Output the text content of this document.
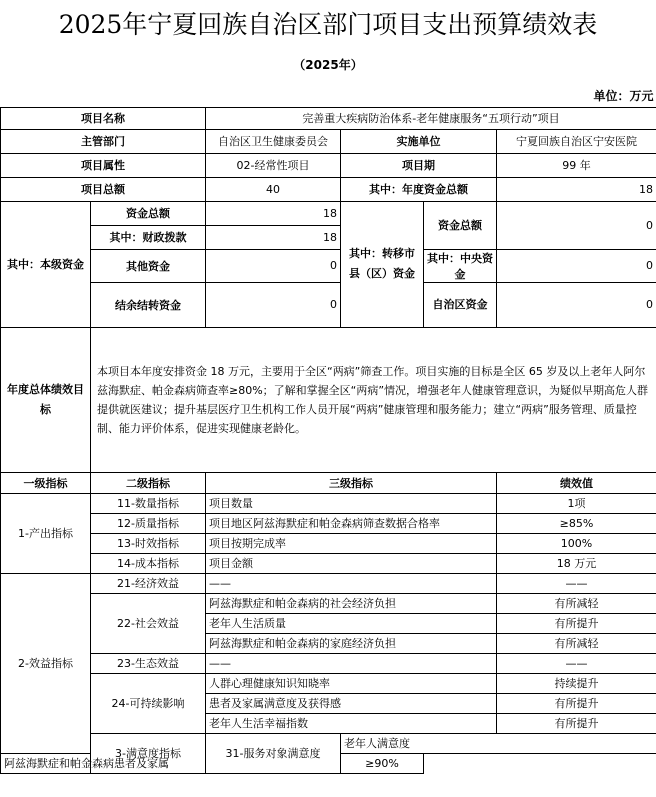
2025年宁夏回族自治区部门项目支出预算绩效表
（2025年）
单位：万元						
项目名称		完善重大疾病防治体系-老年健康服务“五项行动”项目				
主管部门		自治区卫生健康委员会	实施单位		宁夏回族自治区宁安医院	
项目属性		02-经常性项目	项目期		99 年	
项目总额		40	其中：年度资金总额		18	
其中：本级资金	资金总额	18	其中：转移市县（区）资金	资金总额	0	
	其中：财政拨款	18				
	其他资金	0		其中：中央资金	0	
	结余结转资金	0		自治区资金	0	
年度总体绩效目标	本项目本年度安排资金 18 万元，主要用于全区“两病”筛查工作。项目实施的目标是全区 65 岁及以上老年人阿尔兹海默症、帕金森病筛查率≥80%；了解和掌握全区“两病”情况，增强老年人健康管理意识，为疑似早期高危人群提供就医建议；提升基层医疗卫生机构工作人员开展“两病”健康管理和服务能力；建立“两病”服务管理、质量控制、能力评价体系，促进实现健康老龄化。					
一级指标	二级指标	三级指标			绩效值	
1-产出指标	11-数量指标	项目数量			1项	
	12-质量指标	项目地区阿兹海默症和帕金森病筛查数据合格率			≥85%	
	13-时效指标	项目按期完成率			100%	
	14-成本指标	项目金额			18 万元	
2-效益指标	21-经济效益	——			——	
	22-社会效益	阿兹海默症和帕金森病的社会经济负担			有所减轻	
		老年人生活质量			有所提升	
		阿兹海默症和帕金森病的家庭经济负担			有所减轻	
	23-生态效益	——			——	
	24-可持续影响	人群心理健康知识知晓率			持续提升	
		患者及家属满意度及获得感			有所提升	
		老年人生活幸福指数			有所提升	
	3-满意度指标	31-服务对象满意度	老年人满意度	
阿兹海默症和帕金森病患者及家属			≥90%			
